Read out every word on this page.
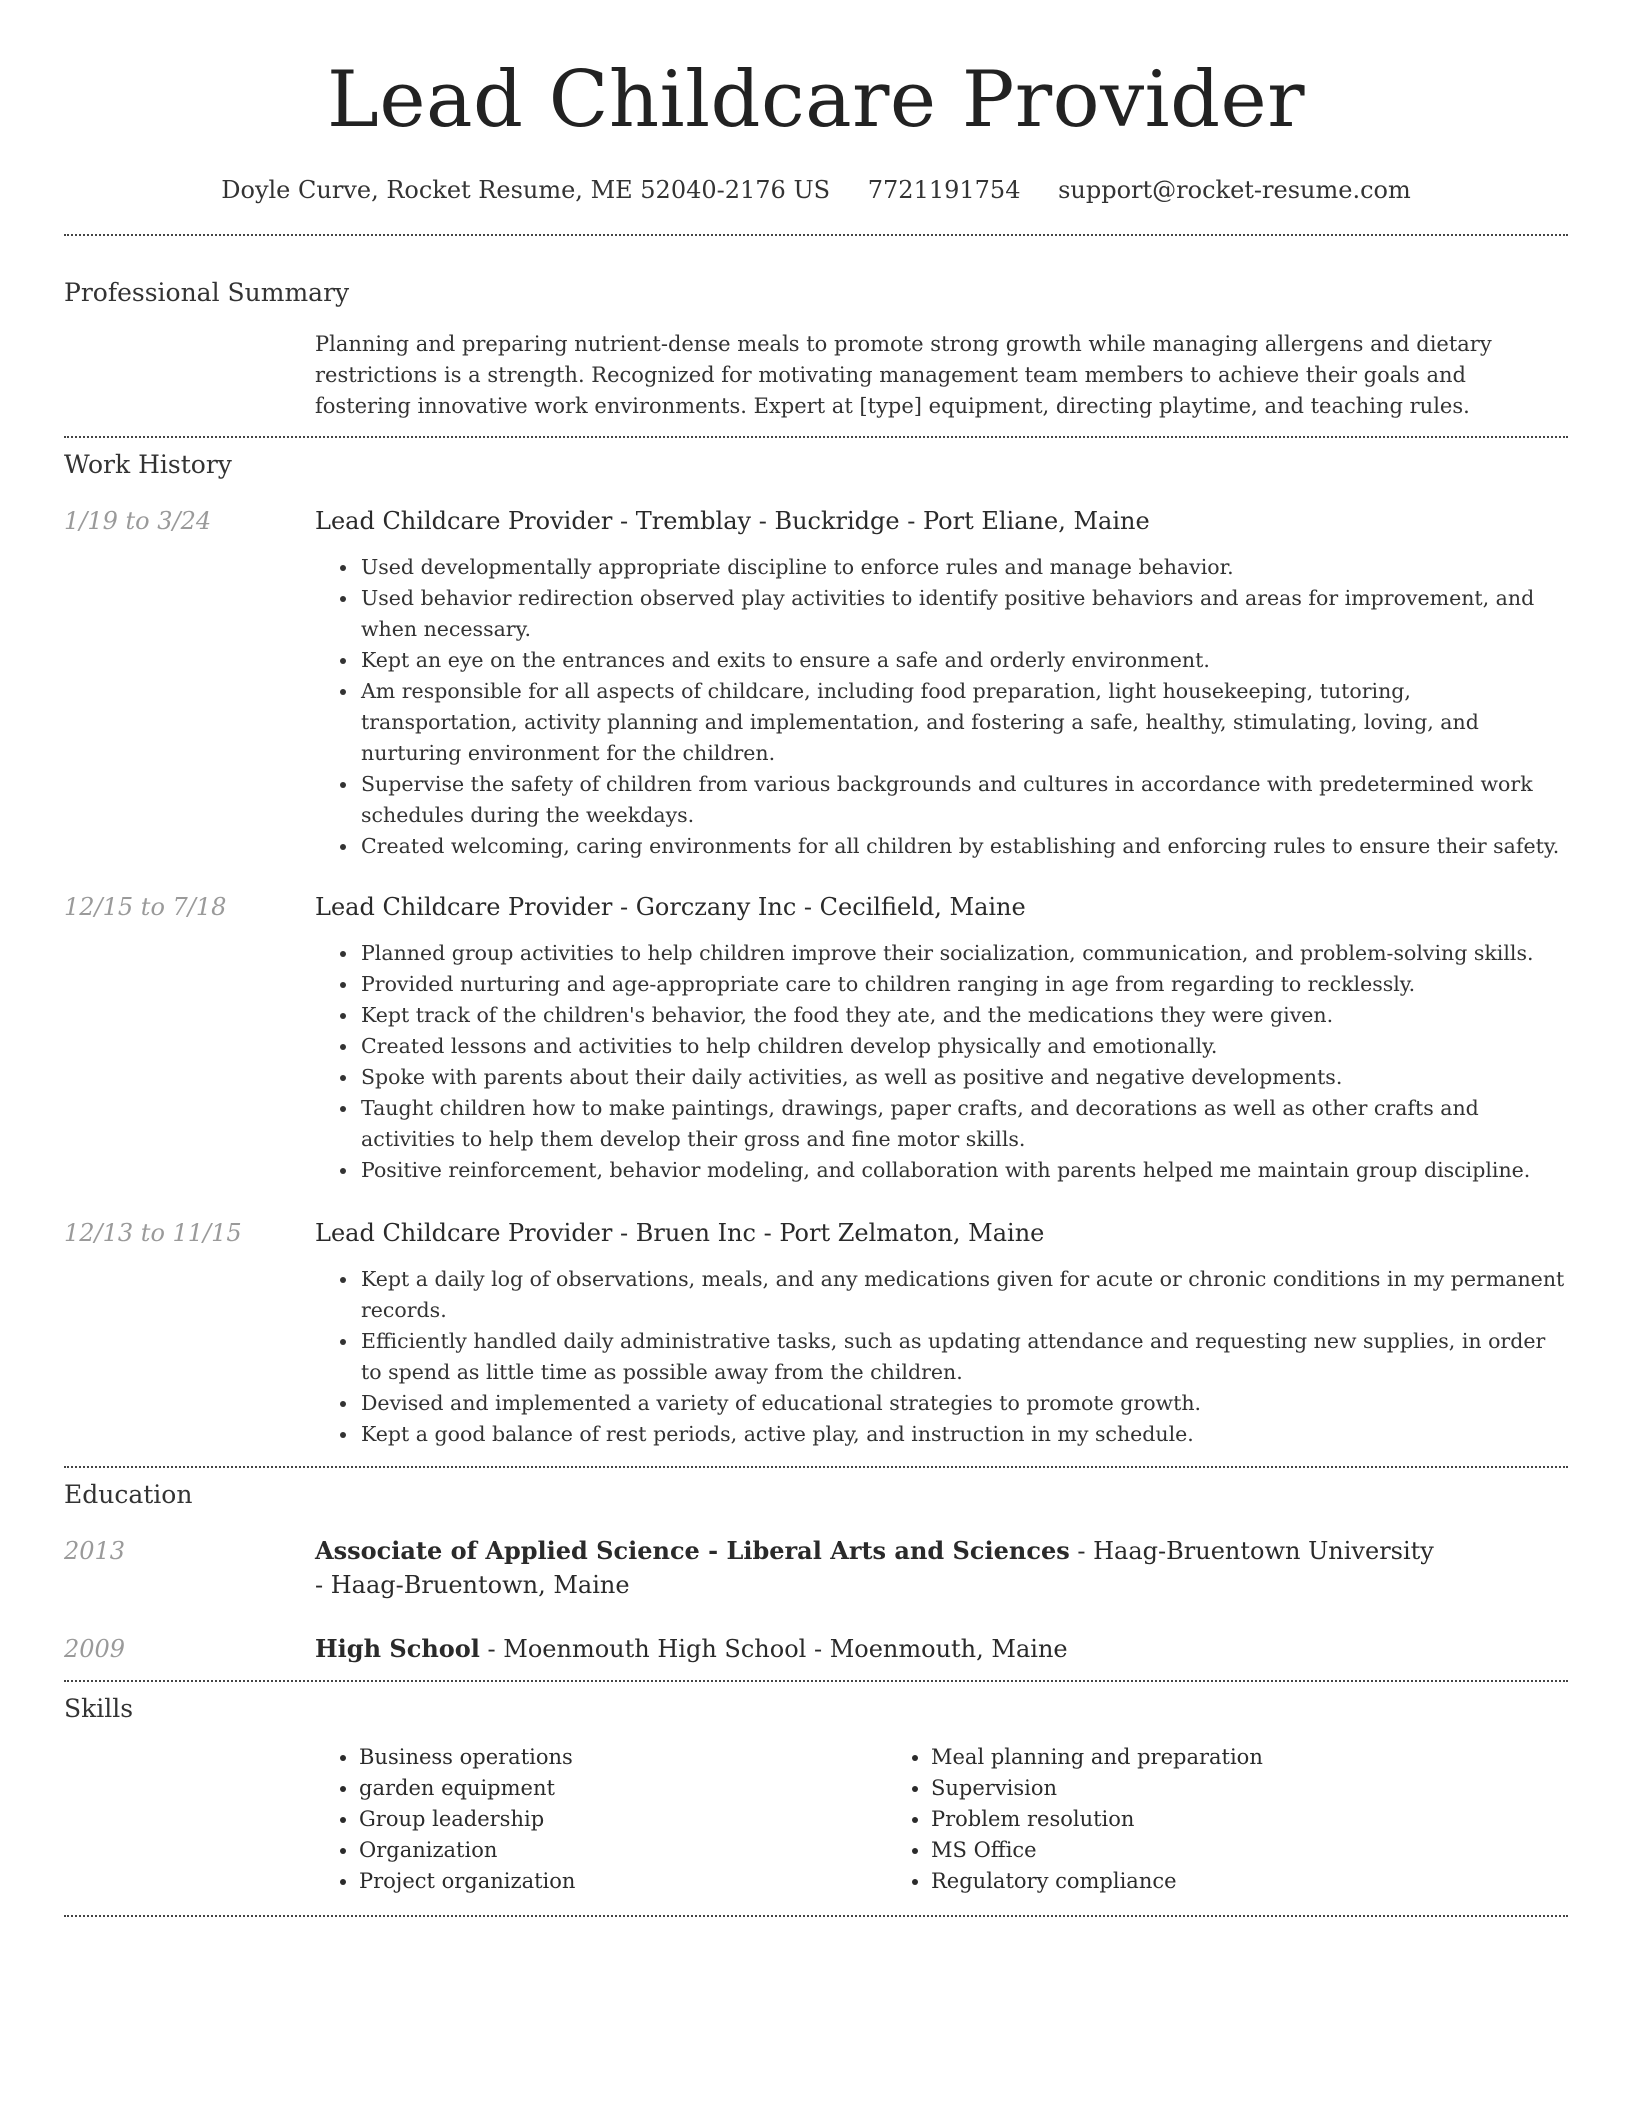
Lead Childcare Provider
Doyle Curve, Rocket Resume, ME 52040-2176 US 7721191754 support@rocket-resume.com
Professional Summary
Planning and preparing nutrient-dense meals to promote strong growth while managing allergens and dietary restrictions is a strength. Recognized for motivating management team members to achieve their goals and fostering innovative work environments. Expert at [type] equipment, directing playtime, and teaching rules.
Work History
1/19 to 3/24	Lead Childcare Provider - Tremblay - Buckridge - Port Eliane, Maine
• Used developmentally appropriate discipline to enforce rules and manage behavior.
• Used behavior redirection observed play activities to identify positive behaviors and areas for improvement, and when necessary.
• Kept an eye on the entrances and exits to ensure a safe and orderly environment.
• Am responsible for all aspects of childcare, including food preparation, light housekeeping, tutoring, transportation, activity planning and implementation, and fostering a safe, healthy, stimulating, loving, and nurturing environment for the children.
• Supervise the safety of children from various backgrounds and cultures in accordance with predetermined work schedules during the weekdays.
• Created welcoming, caring environments for all children by establishing and enforcing rules to ensure their safety.
12/15 to 7/18	Lead Childcare Provider - Gorczany Inc - Cecilfield, Maine
• Planned group activities to help children improve their socialization, communication, and problem-solving skills.
• Provided nurturing and age-appropriate care to children ranging in age from regarding to recklessly.
• Kept track of the children's behavior, the food they ate, and the medications they were given.
• Created lessons and activities to help children develop physically and emotionally.
• Spoke with parents about their daily activities, as well as positive and negative developments.
• Taught children how to make paintings, drawings, paper crafts, and decorations as well as other crafts and activities to help them develop their gross and fine motor skills.
• Positive reinforcement, behavior modeling, and collaboration with parents helped me maintain group discipline.
12/13 to 11/15	Lead Childcare Provider - Bruen Inc - Port Zelmaton, Maine
• Kept a daily log of observations, meals, and any medications given for acute or chronic conditions in my permanent records.
• Efficiently handled daily administrative tasks, such as updating attendance and requesting new supplies, in order to spend as little time as possible away from the children.
• Devised and implemented a variety of educational strategies to promote growth.
• Kept a good balance of rest periods, active play, and instruction in my schedule.
Education
2013	Associate of Applied Science - Liberal Arts and Sciences - Haag-Bruentown University - Haag-Bruentown, Maine
2009	High School - Moenmouth High School - Moenmouth, Maine
Skills
• Business operations
• garden equipment
• Group leadership
• Organization
• Project organization
• Meal planning and preparation
• Supervision
• Problem resolution
• MS Office
• Regulatory compliance
